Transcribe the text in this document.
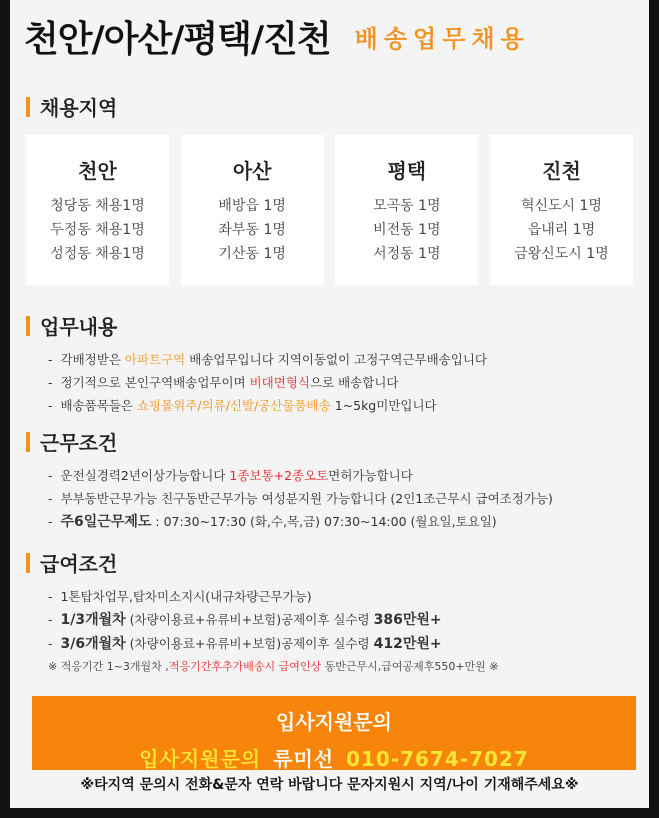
천안/아산/평택/진천 배송업무채용
채용지역
천안
청당동 채용1명
두정동 채용1명
성정동 채용1명
아산
배방읍 1명
좌부동 1명
기산동 1명
평택
모곡동 1명
비전동 1명
서정동 1명
진천
혁신도시 1명
읍내리 1명
금왕신도시 1명
업무내용
- 각배정받은 아파트구역 배송업무입니다 지역이동없이 고정구역근무배송입니다
- 정기적으로 본인구역배송업무이며 비대면형식으로 배송합니다
- 배송품목들은 쇼핑몰위주/의류/신발/공산물품배송 1~5kg미만입니다
근무조건
- 운전실경력2년이상가능합니다 1종보통+2종오토면허가능합니다
- 부부동반근무가능 친구동반근무가능 여성분지원 가능합니다 (2인1조근무시 급여조정가능)
- 주6일근무제도 : 07:30~17:30 (화,수,목,금) 07:30~14:00 (월요일,토요일)
급여조건
- 1톤탑차업무,탑차미소지시(내규차량근무가능)
- 1/3개월차 (차량이용료+유류비+보험)공제이후 실수령 386만원+
- 3/6개월차 (차량이용료+유류비+보험)공제이후 실수령 412만원+
※ 적응기간 1~3개월차 ,적응기간후추가배송시 급여인상 동반근무시,급여공제후550+만원 ※
입사지원문의
입사지원문의 류미선 010-7674-7027
※타지역 문의시 전화&문자 연락 바랍니다 문자지원시 지역/나이 기재해주세요※
